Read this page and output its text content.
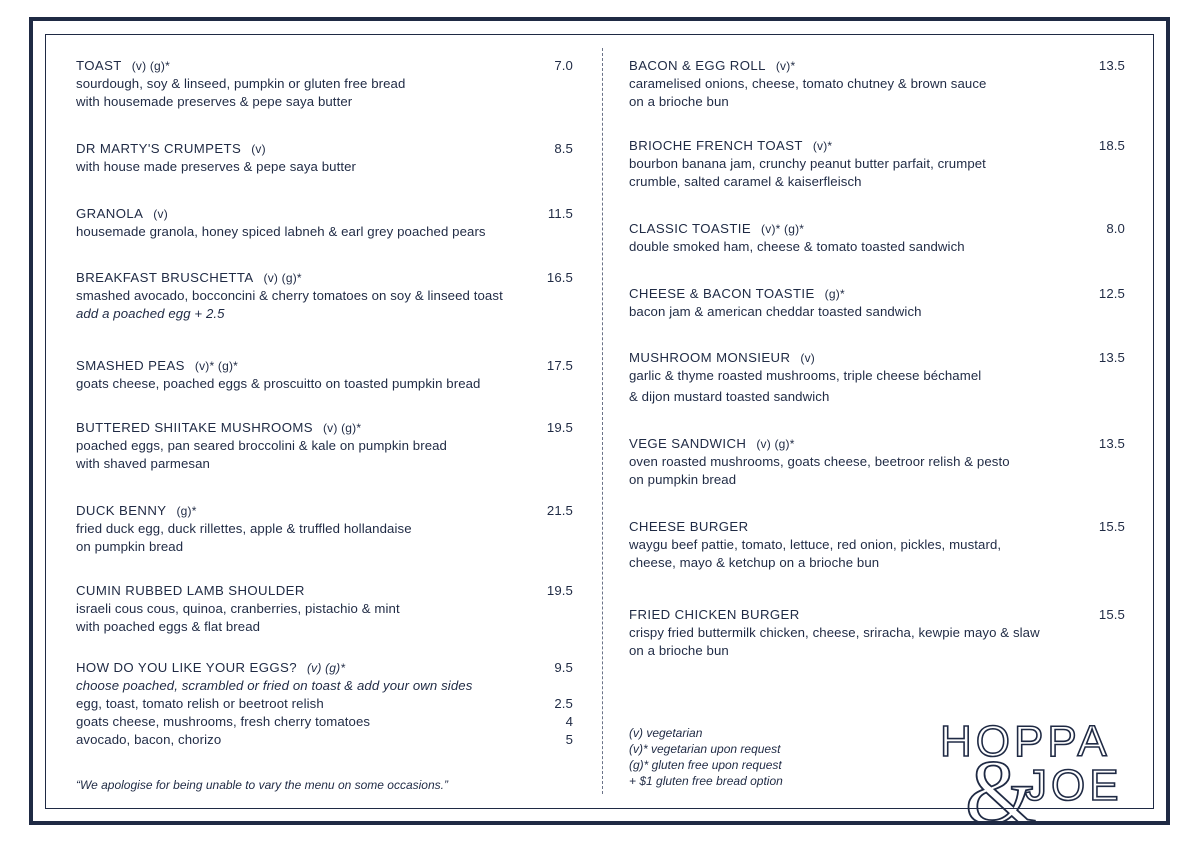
TOAST (v) (g)*	7.0
sourdough, soy & linseed, pumpkin or gluten free bread
with housemade preserves & pepe saya butter
DR MARTY'S CRUMPETS (v)	8.5
with house made preserves & pepe saya butter
GRANOLA (v)	11.5
housemade granola, honey spiced labneh & earl grey poached pears
BREAKFAST BRUSCHETTA (v) (g)*	16.5
smashed avocado, bocconcini & cherry tomatoes on soy & linseed toast
add a poached egg + 2.5
SMASHED PEAS (v)* (g)*	17.5
goats cheese, poached eggs & proscuitto on toasted pumpkin bread
BUTTERED SHIITAKE MUSHROOMS (v) (g)*	19.5
poached eggs, pan seared broccolini & kale on pumpkin bread
with shaved parmesan
DUCK BENNY (g)*	21.5
fried duck egg, duck rillettes, apple & truffled hollandaise
on pumpkin bread
CUMIN RUBBED LAMB SHOULDER	19.5
israeli cous cous, quinoa, cranberries, pistachio & mint
with poached eggs & flat bread
HOW DO YOU LIKE YOUR EGGS? (v) (g)*	9.5
choose poached, scrambled or fried on toast & add your own sides
egg, toast, tomato relish or beetroot relish	2.5
goats cheese, mushrooms, fresh cherry tomatoes	4
avocado, bacon, chorizo	5
“We apologise for being unable to vary the menu on some occasions.”
BACON & EGG ROLL (v)*	13.5
caramelised onions, cheese, tomato chutney & brown sauce
on a brioche bun
BRIOCHE FRENCH TOAST (v)*	18.5
bourbon banana jam, crunchy peanut butter parfait, crumpet
crumble, salted caramel & kaiserfleisch
CLASSIC TOASTIE (v)* (g)*	8.0
double smoked ham, cheese & tomato toasted sandwich
CHEESE & BACON TOASTIE (g)*	12.5
bacon jam & american cheddar toasted sandwich
MUSHROOM MONSIEUR (v)	13.5
garlic & thyme roasted mushrooms, triple cheese béchamel
& dijon mustard toasted sandwich
VEGE SANDWICH (v) (g)*	13.5
oven roasted mushrooms, goats cheese, beetroor relish & pesto
on pumpkin bread
CHEESE BURGER	15.5
waygu beef pattie, tomato, lettuce, red onion, pickles, mustard,
cheese, mayo & ketchup on a brioche bun
FRIED CHICKEN BURGER	15.5
crispy fried buttermilk chicken, cheese, sriracha, kewpie mayo & slaw
on a brioche bun
(v) vegetarian
(v)* vegetarian upon request
(g)* gluten free upon request
+ $1 gluten free bread option
HOPPA
&
JOE
